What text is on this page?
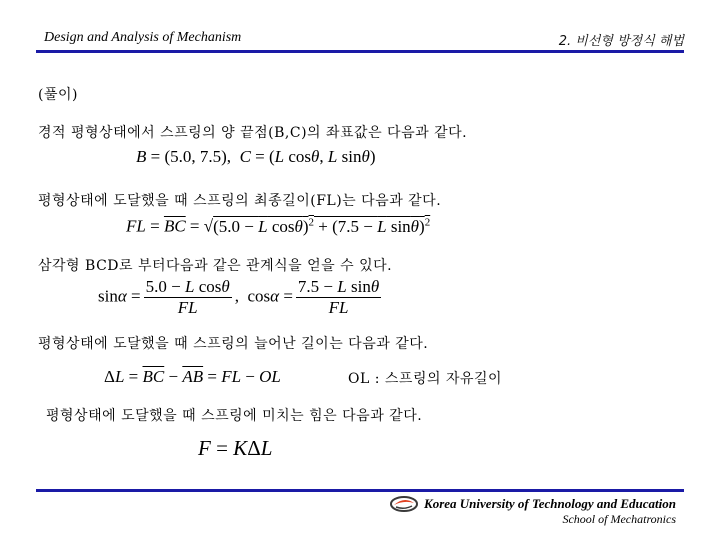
Design and Analysis of Mechanism	2. 비선형 방정식 해법
(풀이)
경적 평형상태에서 스프링의 양 끝점(B,C)의 좌표값은 다음과 같다.
B = (5.0, 7.5),  C = (L cosθ, L sinθ)
평형상태에 도달했을 때 스프링의 최종길이(FL)는 다음과 같다.
FL = $\overline{BC} = √(5.0 - L$ cosθ)$^2$ + (7.5 − L sinθ)$^2$
삼각형 BCD로 부터다음과 같은 관계식을 얻을 수 있다.
$\sin\alpha = \frac{\text{5.0 − L cosθ}}{FL}$ ,  $\cos\alpha = \frac{\text{7.5 − L sinθ}}{FL}$
평형상태에 도달했을 때 스프링의 늘어난 길이는 다음과 같다.
$\Delta L = \overline{BC} - \overline{AB}$ = FL − OL	OL : 스프링의 자유길이
평형상태에 도달했을 때 스프링에 미치는 힘은 다음과 같다.
F = KΔL
Korea University of Technology and Education
School of Mechatronics
